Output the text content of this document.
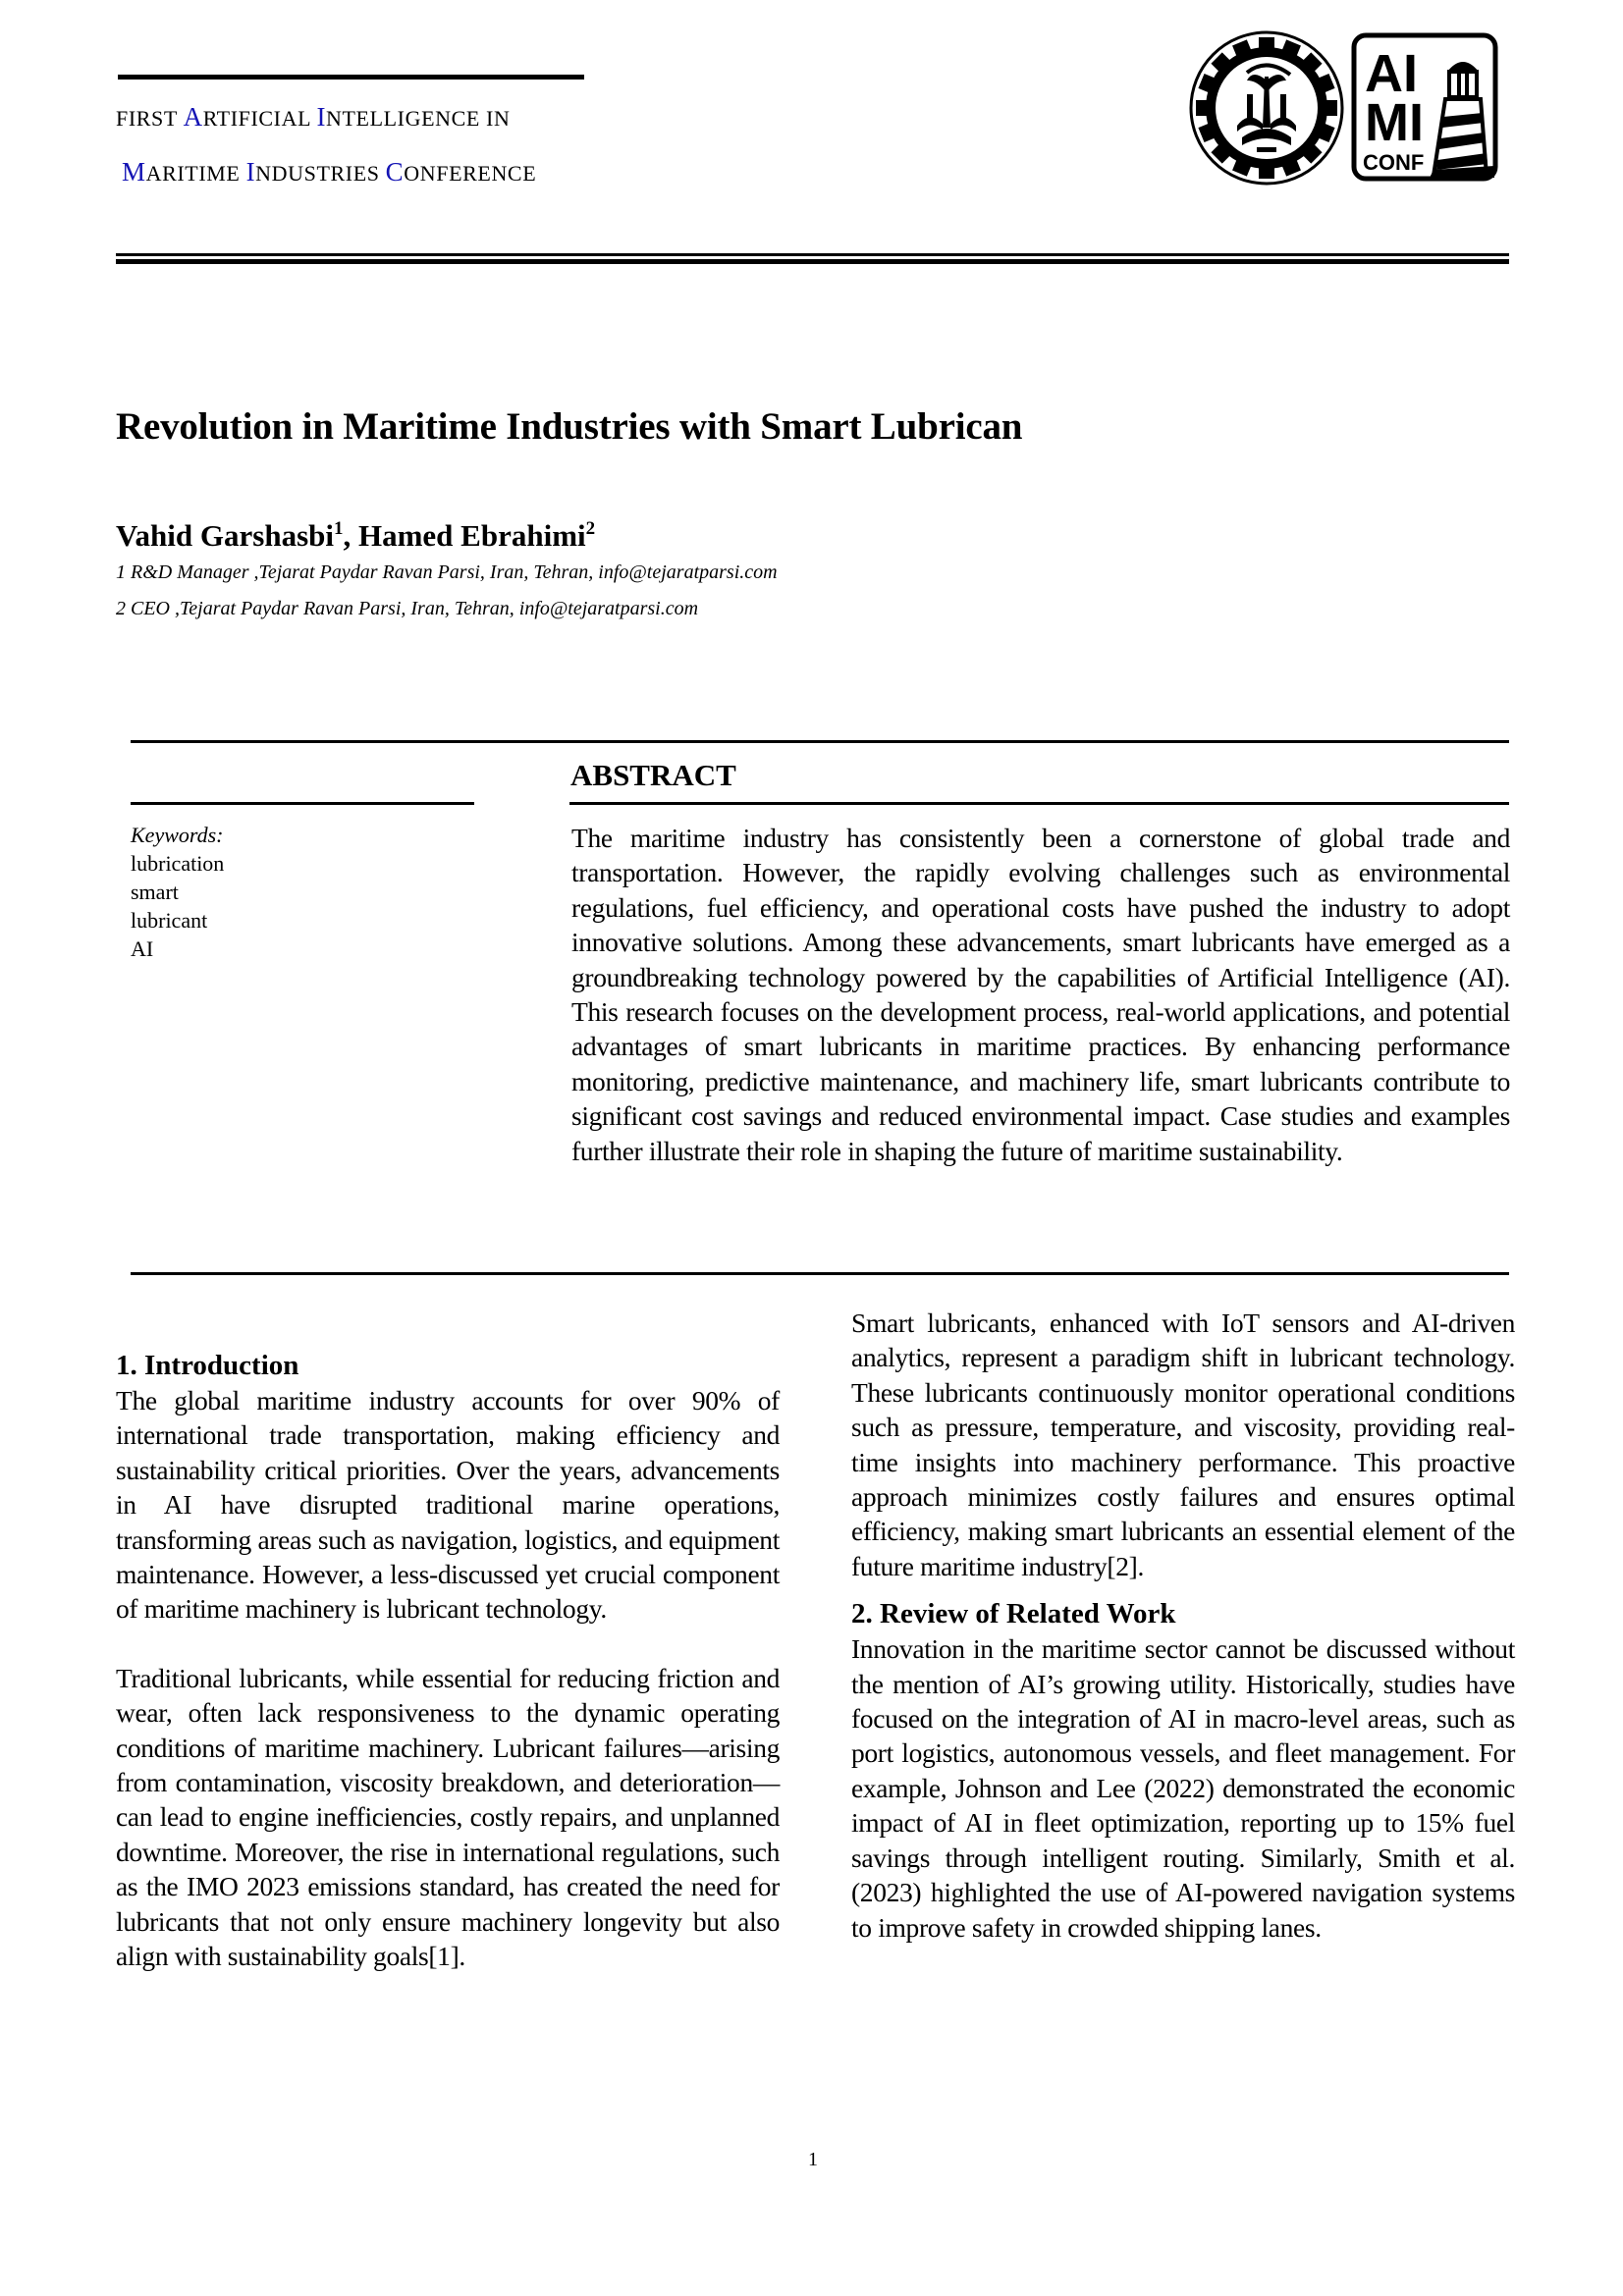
FIRST ARTIFICIAL INTELLIGENCE IN
MARITIME INDUSTRIES CONFERENCE
AI
MI
CONF
Revolution in Maritime Industries with Smart Lubrican
Vahid Garshasbi$^1$, Hamed Ebrahimi$^2$
1 R&D Manager ,Tejarat Paydar Ravan Parsi, Iran, Tehran, info@tejaratparsi.com
2 CEO ,Tejarat Paydar Ravan Parsi, Iran, Tehran, info@tejaratparsi.com
ABSTRACT
Keywords:
lubrication
smart
lubricant
AI
The maritime industry has consistently been a cornerstone of global trade and transportation. However, the rapidly evolving challenges such as environmental regulations, fuel efficiency, and operational costs have pushed the industry to adopt innovative solutions. Among these advancements, smart lubricants have emerged as a groundbreaking technology powered by the capabilities of Artificial Intelligence (AI). This research focuses on the development process, real-world applications, and potential advantages of smart lubricants in maritime practices. By enhancing performance monitoring, predictive maintenance, and machinery life, smart lubricants contribute to significant cost savings and reduced environmental impact. Case studies and examples further illustrate their role in shaping the future of maritime sustainability.
1. Introduction

The global maritime industry accounts for over 90% of international trade transportation, making efficiency and sustainability critical priorities. Over the years, advancements in AI have disrupted traditional marine operations, transforming areas such as navigation, logistics, and equipment maintenance. However, a less-discussed yet crucial component of maritime machinery is lubricant technology.

Traditional lubricants, while essential for reducing friction and wear, often lack responsiveness to the dynamic operating conditions of maritime machinery. Lubricant failures—arising from contamination, viscosity breakdown, and deterioration—can lead to engine inefficiencies, costly repairs, and unplanned downtime. Moreover, the rise in international regulations, such as the IMO 2023 emissions standard, has created the need for lubricants that not only ensure machinery longevity but also align with sustainability goals[1].

Smart lubricants, enhanced with IoT sensors and AI-driven analytics, represent a paradigm shift in lubricant technology. These lubricants continuously monitor operational conditions such as pressure, temperature, and viscosity, providing real-time insights into machinery performance. This proactive approach minimizes costly failures and ensures optimal efficiency, making smart lubricants an essential element of the future maritime industry[2].

2. Review of Related Work

Innovation in the maritime sector cannot be discussed without the mention of AI’s growing utility. Historically, studies have focused on the integration of AI in macro-level areas, such as port logistics, autonomous vessels, and fleet management. For example, Johnson and Lee (2022) demonstrated the economic impact of AI in fleet optimization, reporting up to 15% fuel savings through intelligent routing. Similarly, Smith et al. (2023) highlighted the use of AI-powered navigation systems to improve safety in crowded shipping lanes.

1
